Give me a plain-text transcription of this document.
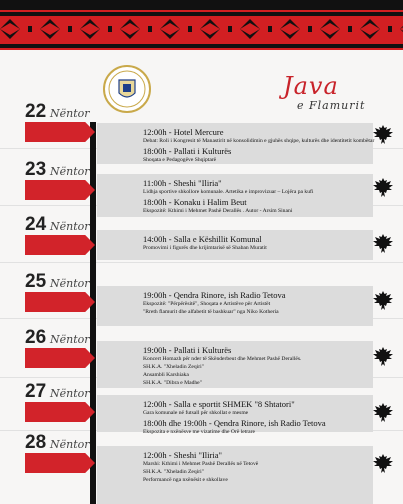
Java
e Flamurit
22 Nëntor
12:00h - Hotel Mercure
Debat: Roli i Kongresit të Manastirit në konsolidimin e gjuhës shqipe, kulturës dhe identitetit kombëtar
18:00h - Pallati i Kulturës
Shoqata e Pedagogëve Shqiptarë
23 Nëntor
11:00h - Sheshi "Iliria"
Lidhja sportive shkollore komunale. Artetika e improvizuar – Lojëra pa kufi
18:00h - Konaku i Halim Beut
Ekspozitë: Kthimi i Mehmet Pashë Derallës . Autor - Arsim Sinani
24 Nëntor
14:00h - Salla e Këshillit Komunal
Promovimi i figurës dhe krijimtarisë së Shaban Muratit
25 Nëntor
19:00h - Qendra Rinore, ish Radio Tetova
Ekspozitë: "Përpërësitë", Shoqata e Artistëve për Artistët
"Rreth flamurit dhe alfabetit të bashkuar" nga Niko Kotheria
26 Nëntor
19:00h - Pallati i Kulturës
Koncert Homazh për nder të Skënderbeut dhe Mehmet Pashë Derallës.
SH.K.A. "Xheladin Zeqiri"
Ansambli Karshiaka
SH.K.A. "Dibra e Madhe"
27 Nëntor
12:00h - Salla e sportit SHMEK "8 Shtatori"
Gara komunale në futsall për shkollat e mesme
18:00h dhe 19:00h - Qendra Rinore, ish Radio Tetova
Ekspozita e nxënësve me vizatime dhe Orë letrare
28 Nëntor
12:00h - Sheshi "Iliria"
Marshi: Kthimi i Mehmet Pashë Derallës në Tetovë
SH.K.A. "Xheladin Zeqiri"
Performancë nga nxënësit e shkollave
